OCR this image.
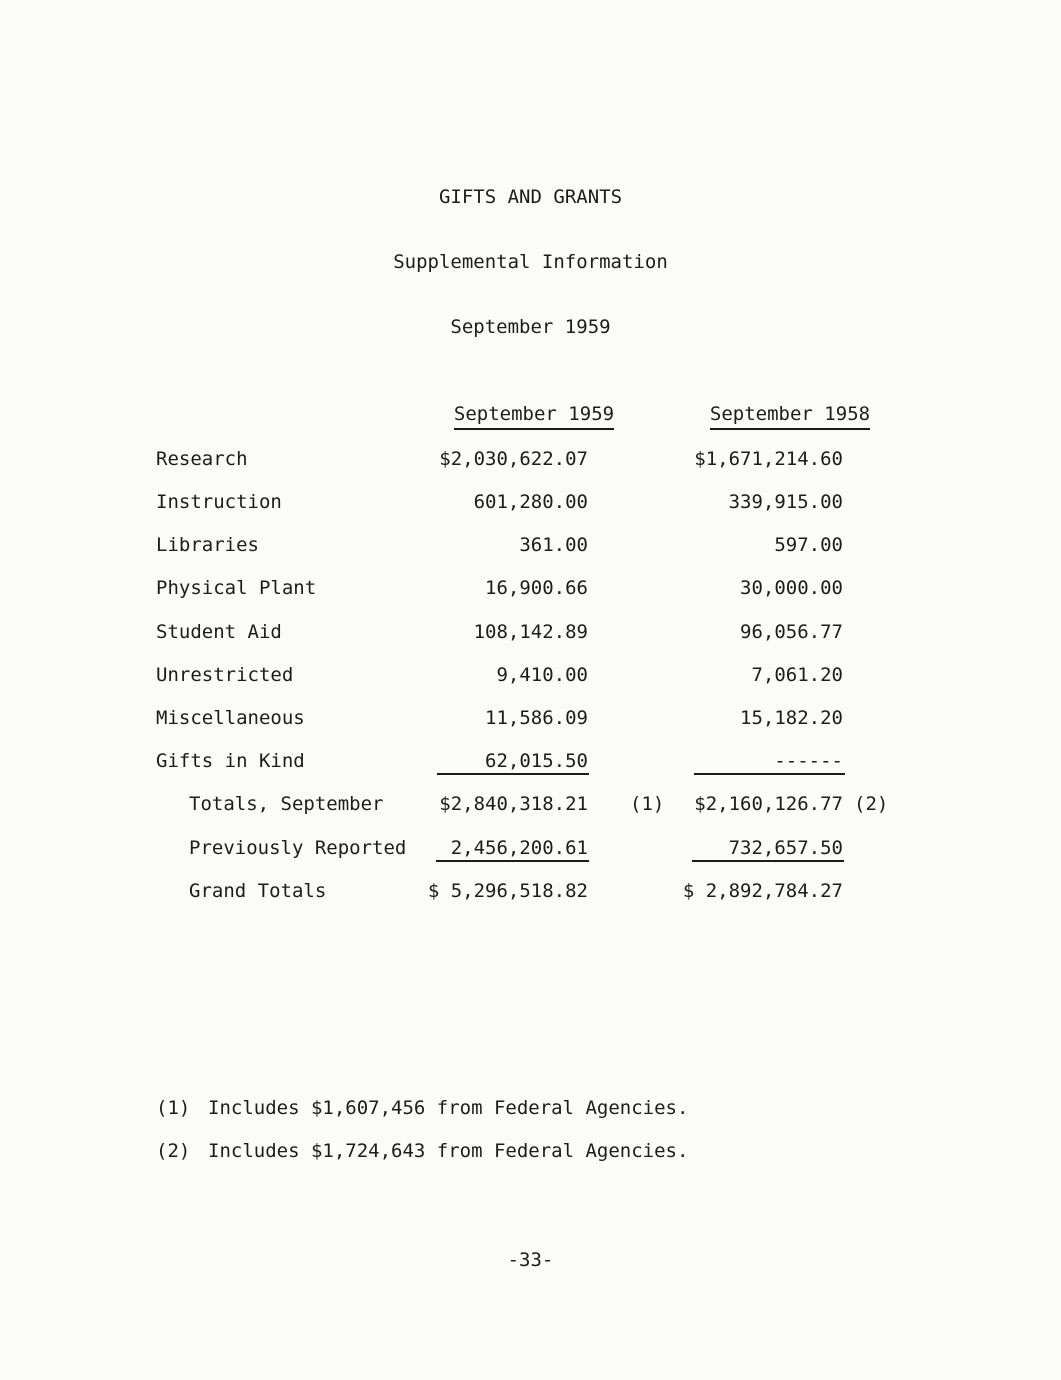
GIFTS AND GRANTS
Supplemental Information
September 1959
September 1959	September 1958
Research	$2,030,622.07	$1,671,214.60
Instruction	601,280.00	339,915.00
Libraries	361.00	597.00
Physical Plant	16,900.66	30,000.00
Student Aid	108,142.89	96,056.77
Unrestricted	9,410.00	7,061.20
Miscellaneous	11,586.09	15,182.20
Gifts in Kind	62,015.50	------
Totals, September	$2,840,318.21 (1)	$2,160,126.77 (2)
Previously Reported	2,456,200.61	732,657.50
Grand Totals	$ 5,296,518.82	$ 2,892,784.27
(1) Includes $1,607,456 from Federal Agencies.
(2) Includes $1,724,643 from Federal Agencies.
-33-
